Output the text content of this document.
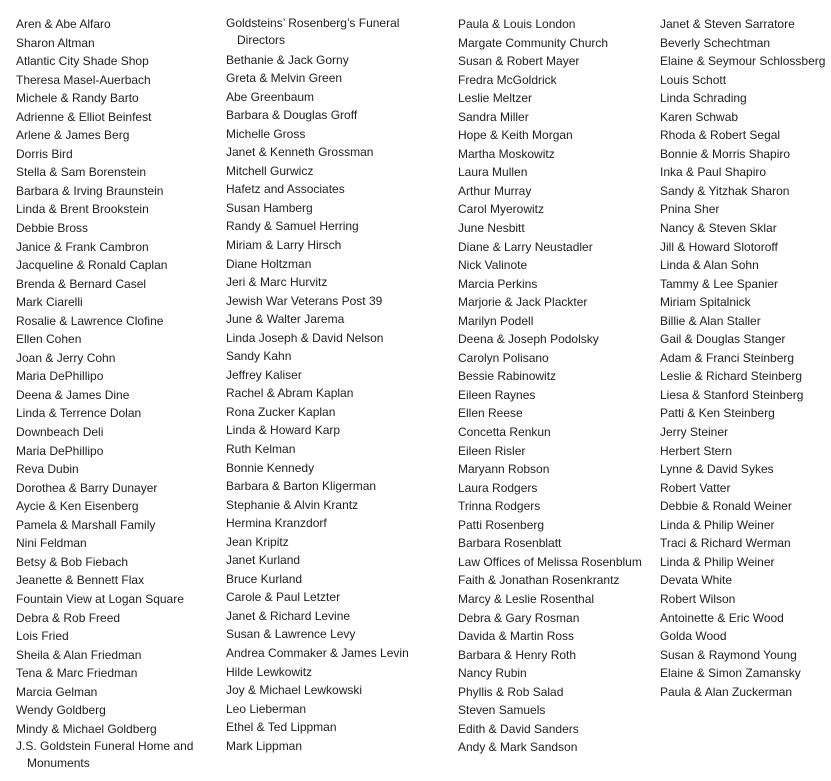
Aren & Abe Alfaro
Sharon Altman
Atlantic City Shade Shop
Theresa Masel-Auerbach
Michele & Randy Barto
Adrienne & Elliot Beinfest
Arlene & James Berg
Dorris Bird
Stella & Sam Borenstein
Barbara & Irving Braunstein
Linda & Brent Brookstein
Debbie Bross
Janice & Frank Cambron
Jacqueline & Ronald Caplan
Brenda & Bernard Casel
Mark Ciarelli
Rosalie & Lawrence Clofine
Ellen Cohen
Joan & Jerry Cohn
Maria DePhillipo
Deena & James Dine
Linda & Terrence Dolan
Downbeach Deli
Maria DePhillipo
Reva Dubin
Dorothea & Barry Dunayer
Aycie & Ken Eisenberg
Pamela & Marshall Family
Nini Feldman
Betsy & Bob Fiebach
Jeanette & Bennett Flax
Fountain View at Logan Square
Debra & Rob Freed
Lois Fried
Sheila & Alan Friedman
Tena & Marc Friedman
Marcia Gelman
Wendy Goldberg
Mindy & Michael Goldberg
J.S. Goldstein Funeral Home and Monuments
Goldsteins’ Rosenberg’s Funeral Directors
Bethanie & Jack Gorny
Greta & Melvin Green
Abe Greenbaum
Barbara & Douglas Groff
Michelle Gross
Janet & Kenneth Grossman
Mitchell Gurwicz
Hafetz and Associates
Susan Hamberg
Randy & Samuel Herring
Miriam & Larry Hirsch
Diane Holtzman
Jeri & Marc Hurvitz
Jewish War Veterans Post 39
June & Walter Jarema
Linda Joseph & David Nelson
Sandy Kahn
Jeffrey Kaliser
Rachel & Abram Kaplan
Rona Zucker Kaplan
Linda & Howard Karp
Ruth Kelman
Bonnie Kennedy
Barbara & Barton Kligerman
Stephanie & Alvin Krantz
Hermina Kranzdorf
Jean Kripitz
Janet Kurland
Bruce Kurland
Carole & Paul Letzter
Janet & Richard Levine
Susan & Lawrence Levy
Andrea Commaker & James Levin
Hilde Lewkowitz
Joy & Michael Lewkowski
Leo Lieberman
Ethel & Ted Lippman
Mark Lippman
Paula & Louis London
Margate Community Church
Susan & Robert Mayer
Fredra McGoldrick
Leslie Meltzer
Sandra Miller
Hope & Keith Morgan
Martha Moskowitz
Laura Mullen
Arthur Murray
Carol Myerowitz
June Nesbitt
Diane & Larry Neustadler
Nick Valinote
Marcia Perkins
Marjorie & Jack Plackter
Marilyn Podell
Deena & Joseph Podolsky
Carolyn Polisano
Bessie Rabinowitz
Eileen Raynes
Ellen Reese
Concetta Renkun
Eileen Risler
Maryann Robson
Laura Rodgers
Trinna Rodgers
Patti Rosenberg
Barbara Rosenblatt
Law Offices of Melissa Rosenblum
Faith & Jonathan Rosenkrantz
Marcy & Leslie Rosenthal
Debra & Gary Rosman
Davida & Martin Ross
Barbara & Henry Roth
Nancy Rubin
Phyllis & Rob Salad
Steven Samuels
Edith & David Sanders
Andy & Mark Sandson
Janet & Steven Sarratore
Beverly Schechtman
Elaine & Seymour Schlossberg
Louis Schott
Linda Schrading
Karen Schwab
Rhoda & Robert Segal
Bonnie & Morris Shapiro
Inka & Paul Shapiro
Sandy & Yitzhak Sharon
Pnina Sher
Nancy & Steven Sklar
Jill & Howard Slotoroff
Linda & Alan Sohn
Tammy & Lee Spanier
Miriam Spitalnick
Billie & Alan Staller
Gail & Douglas Stanger
Adam & Franci Steinberg
Leslie & Richard Steinberg
Liesa & Stanford Steinberg
Patti & Ken Steinberg
Jerry Steiner
Herbert Stern
Lynne & David Sykes
Robert Vatter
Debbie & Ronald Weiner
Linda & Philip Weiner
Traci & Richard Werman
Linda & Philip Weiner
Devata White
Robert Wilson
Antoinette & Eric Wood
Golda Wood
Susan & Raymond Young
Elaine & Simon Zamansky
Paula & Alan Zuckerman
